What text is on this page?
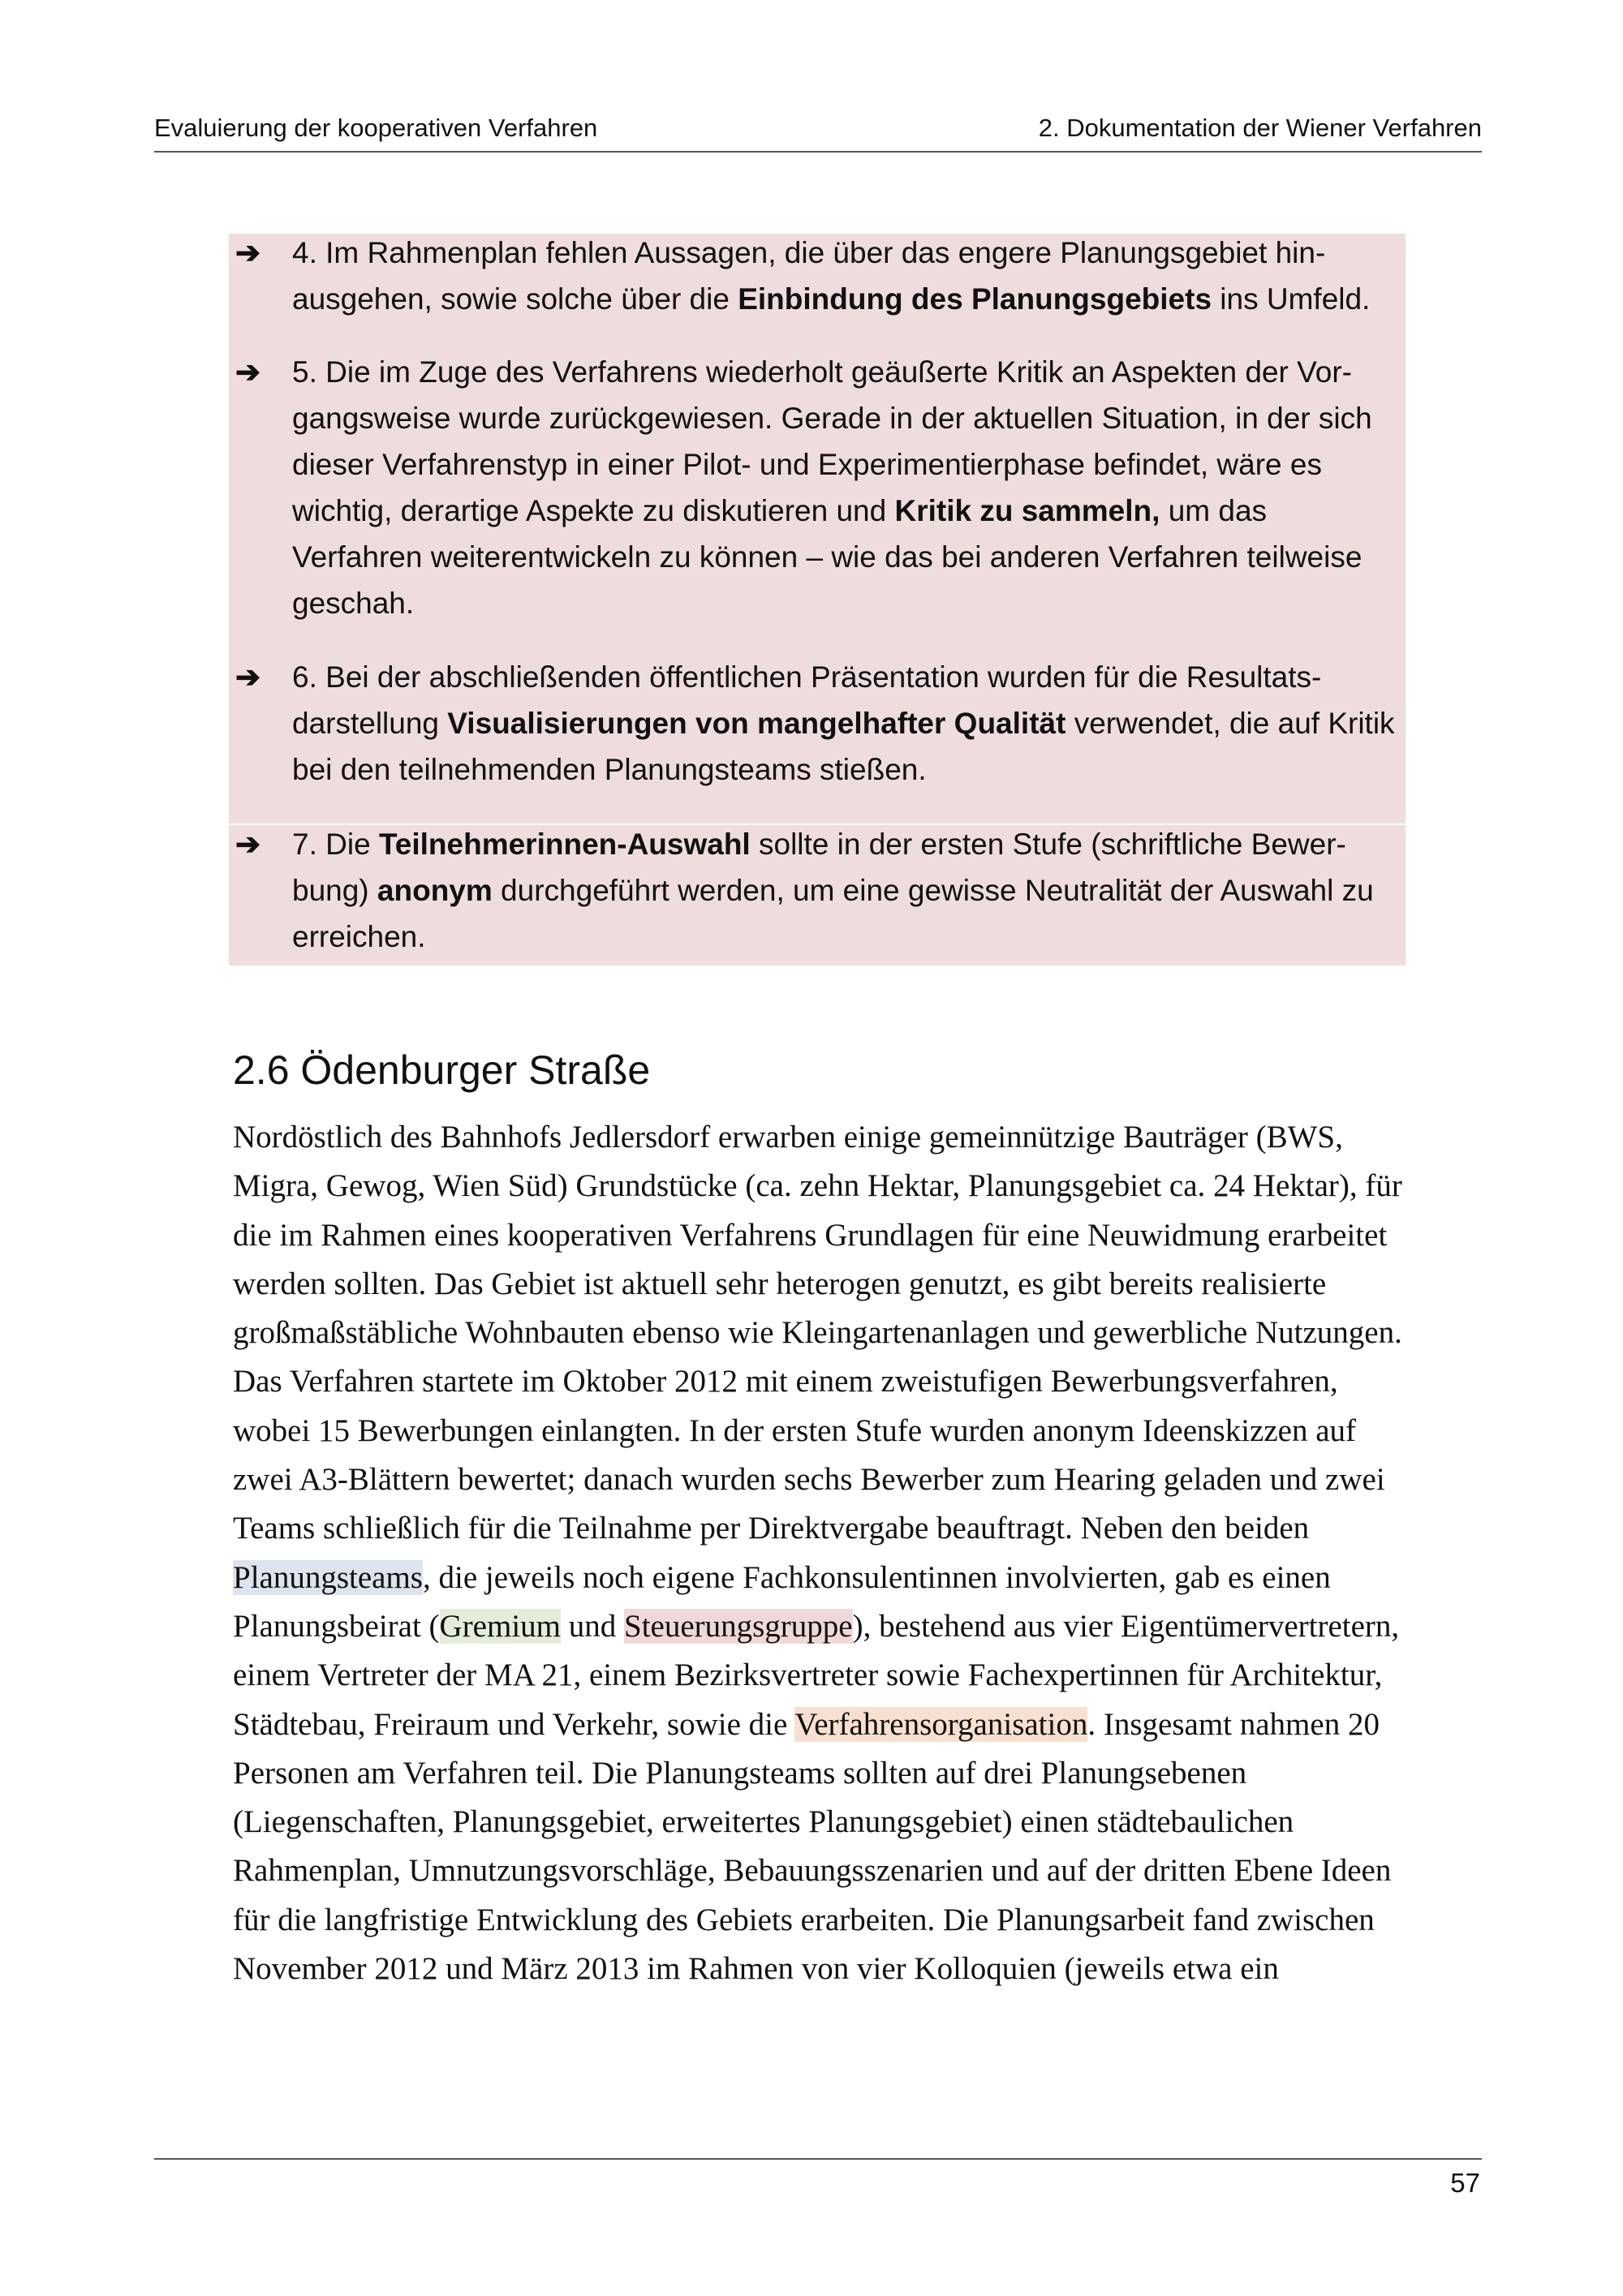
Evaluierung der kooperativen Verfahren	2. Dokumentation der Wiener Verfahren
➔	4. Im Rahmenplan fehlen Aussagen, die über das engere Planungsgebiet hinausgehen, sowie solche über die Einbindung des Planungsgebiets ins Umfeld.
➔	5. Die im Zuge des Verfahrens wiederholt geäußerte Kritik an Aspekten der Vorgangsweise wurde zurückgewiesen. Gerade in der aktuellen Situation, in der sich dieser Verfahrenstyp in einer Pilot- und Experimentierphase befindet, wäre es wichtig, derartige Aspekte zu diskutieren und Kritik zu sammeln, um das Verfahren weiterentwickeln zu können – wie das bei anderen Verfahren teilweise geschah.
➔	6. Bei der abschließenden öffentlichen Präsentation wurden für die Resultatsdarstellung Visualisierungen von mangelhafter Qualität verwendet, die auf Kritik bei den teilnehmenden Planungsteams stießen.
➔	7. Die Teilnehmerinnen-Auswahl sollte in der ersten Stufe (schriftliche Bewerbung) anonym durchgeführt werden, um eine gewisse Neutralität der Auswahl zu erreichen.
2.6 Ödenburger Straße
Nordöstlich des Bahnhofs Jedlersdorf erwarben einige gemeinnützige Bauträger (BWS, Migra, Gewog, Wien Süd) Grundstücke (ca. zehn Hektar, Planungsgebiet ca. 24 Hektar), für die im Rahmen eines kooperativen Verfahrens Grundlagen für eine Neuwidmung erarbeitet werden sollten. Das Gebiet ist aktuell sehr heterogen genutzt, es gibt bereits realisierte großmaßstäbliche Wohnbauten ebenso wie Kleingartenanlagen und gewerbliche Nutzungen. Das Verfahren startete im Oktober 2012 mit einem zweistufigen Bewerbungsverfahren, wobei 15 Bewerbungen einlangten. In der ersten Stufe wurden anonym Ideenskizzen auf zwei A3-Blättern bewertet; danach wurden sechs Bewerber zum Hearing geladen und zwei Teams schließlich für die Teilnahme per Direktvergabe beauftragt. Neben den beiden Planungsteams, die jeweils noch eigene Fachkonsulentinnen involvierten, gab es einen Planungsbeirat (Gremium und Steuerungsgruppe), bestehend aus vier Eigentümervertretern, einem Vertreter der MA 21, einem Bezirksvertreter sowie Fachexpertinnen für Architektur, Städtebau, Freiraum und Verkehr, sowie die Verfahrensorganisation. Insgesamt nahmen 20 Personen am Verfahren teil. Die Planungsteams sollten auf drei Planungsebenen (Liegenschaften, Planungsgebiet, erweitertes Planungsgebiet) einen städtebaulichen Rahmenplan, Umnutzungsvorschläge, Bebauungsszenarien und auf der dritten Ebene Ideen für die langfristige Entwicklung des Gebiets erarbeiten. Die Planungsarbeit fand zwischen November 2012 und März 2013 im Rahmen von vier Kolloquien (jeweils etwa ein
57
